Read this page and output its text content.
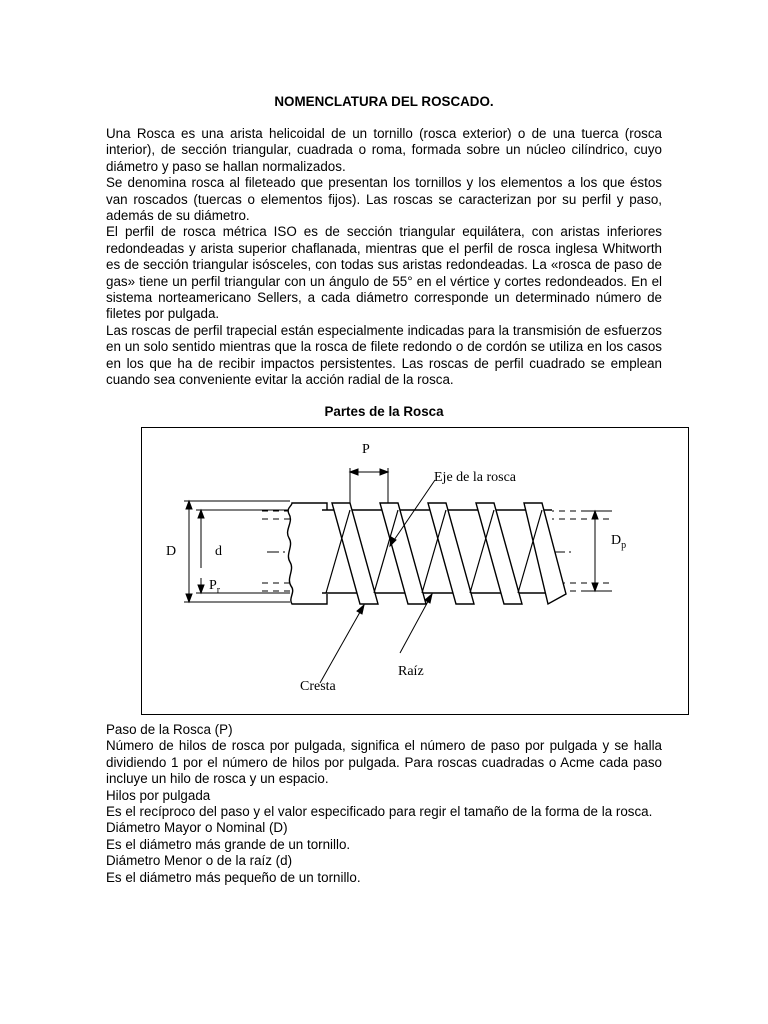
NOMENCLATURA DEL ROSCADO.

Una Rosca es una arista helicoidal de un tornillo (rosca exterior) o de una tuerca (rosca interior), de sección triangular, cuadrada o roma, formada sobre un núcleo cilíndrico, cuyo diámetro y paso se hallan normalizados.

Se denomina rosca al fileteado que presentan los tornillos y los elementos a los que éstos van roscados (tuercas o elementos fijos). Las roscas se caracterizan por su perfil y paso, además de su diámetro.

El perfil de rosca métrica ISO es de sección triangular equilátera, con aristas inferiores redondeadas y arista superior chaflanada, mientras que el perfil de rosca inglesa Whitworth es de sección triangular isósceles, con todas sus aristas redondeadas. La «rosca de paso de gas» tiene un perfil triangular con un ángulo de 55° en el vértice y cortes redondeados. En el sistema norteamericano Sellers, a cada diámetro corresponde un determinado número de filetes por pulgada.

Las roscas de perfil trapecial están especialmente indicadas para la transmisión de esfuerzos en un solo sentido mientras que la rosca de filete redondo o de cordón se utiliza en los casos en los que ha de recibir impactos persistentes. Las roscas de perfil cuadrado se emplean cuando sea conveniente evitar la acción radial de la rosca.

Partes de la Rosca
P
Eje de la rosca
D	d
$D_p$
$P_r$
Raíz
Cresta

Paso de la Rosca (P)

Número de hilos de rosca por pulgada, significa el número de paso por pulgada y se halla dividiendo 1 por el número de hilos por pulgada. Para roscas cuadradas o Acme cada paso incluye un hilo de rosca y un espacio.

Hilos por pulgada

Es el recíproco del paso y el valor especificado para regir el tamaño de la forma de la rosca.

Diámetro Mayor o Nominal (D)

Es el diámetro más grande de un tornillo.

Diámetro Menor o de la raíz (d)

Es el diámetro más pequeño de un tornillo.
